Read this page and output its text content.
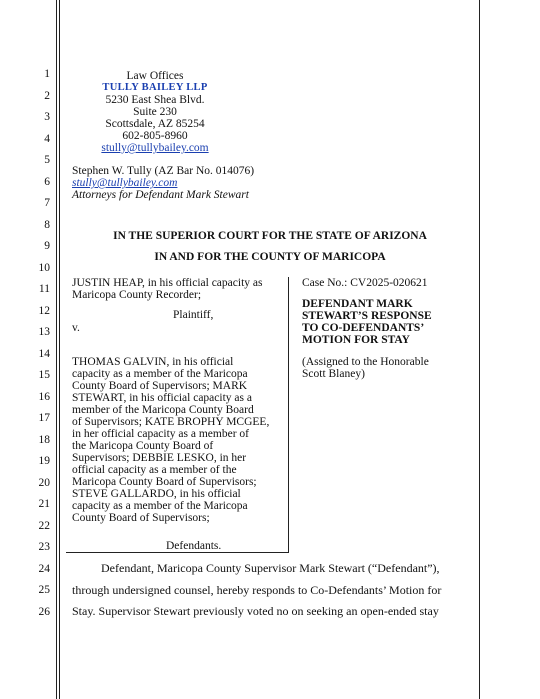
1
2
3
4
5
6
7
8
9
10
11
12
13
14
15
16
17
18
19
20
21
22
23
24
25
26
Law Offices
TULLY BAILEY LLP
5230 East Shea Blvd.
Suite 230
Scottsdale, AZ 85254
602-805-8960
stully@tullybailey.com
Stephen W. Tully (AZ Bar No. 014076)
stully@tullybailey.com
Attorneys for Defendant Mark Stewart
IN THE SUPERIOR COURT FOR THE STATE OF ARIZONA
IN AND FOR THE COUNTY OF MARICOPA
JUSTIN HEAP, in his official capacity as
Maricopa County Recorder;
Plaintiff,
v.
THOMAS GALVIN, in his official
capacity as a member of the Maricopa
County Board of Supervisors; MARK
STEWART, in his official capacity as a
member of the Maricopa County Board
of Supervisors; KATE BROPHY MCGEE,
in her official capacity as a member of
the Maricopa County Board of
Supervisors; DEBBIE LESKO, in her
official capacity as a member of the
Maricopa County Board of Supervisors;
STEVE GALLARDO, in his official
capacity as a member of the Maricopa
County Board of Supervisors;
Defendants.
Case No.: CV2025-020621
DEFENDANT MARK
STEWART’S RESPONSE
TO CO-DEFENDANTS’
MOTION FOR STAY
(Assigned to the Honorable
Scott Blaney)
Defendant, Maricopa County Supervisor Mark Stewart (“Defendant”),
through undersigned counsel, hereby responds to Co-Defendants’ Motion for
Stay. Supervisor Stewart previously voted no on seeking an open-ended stay
